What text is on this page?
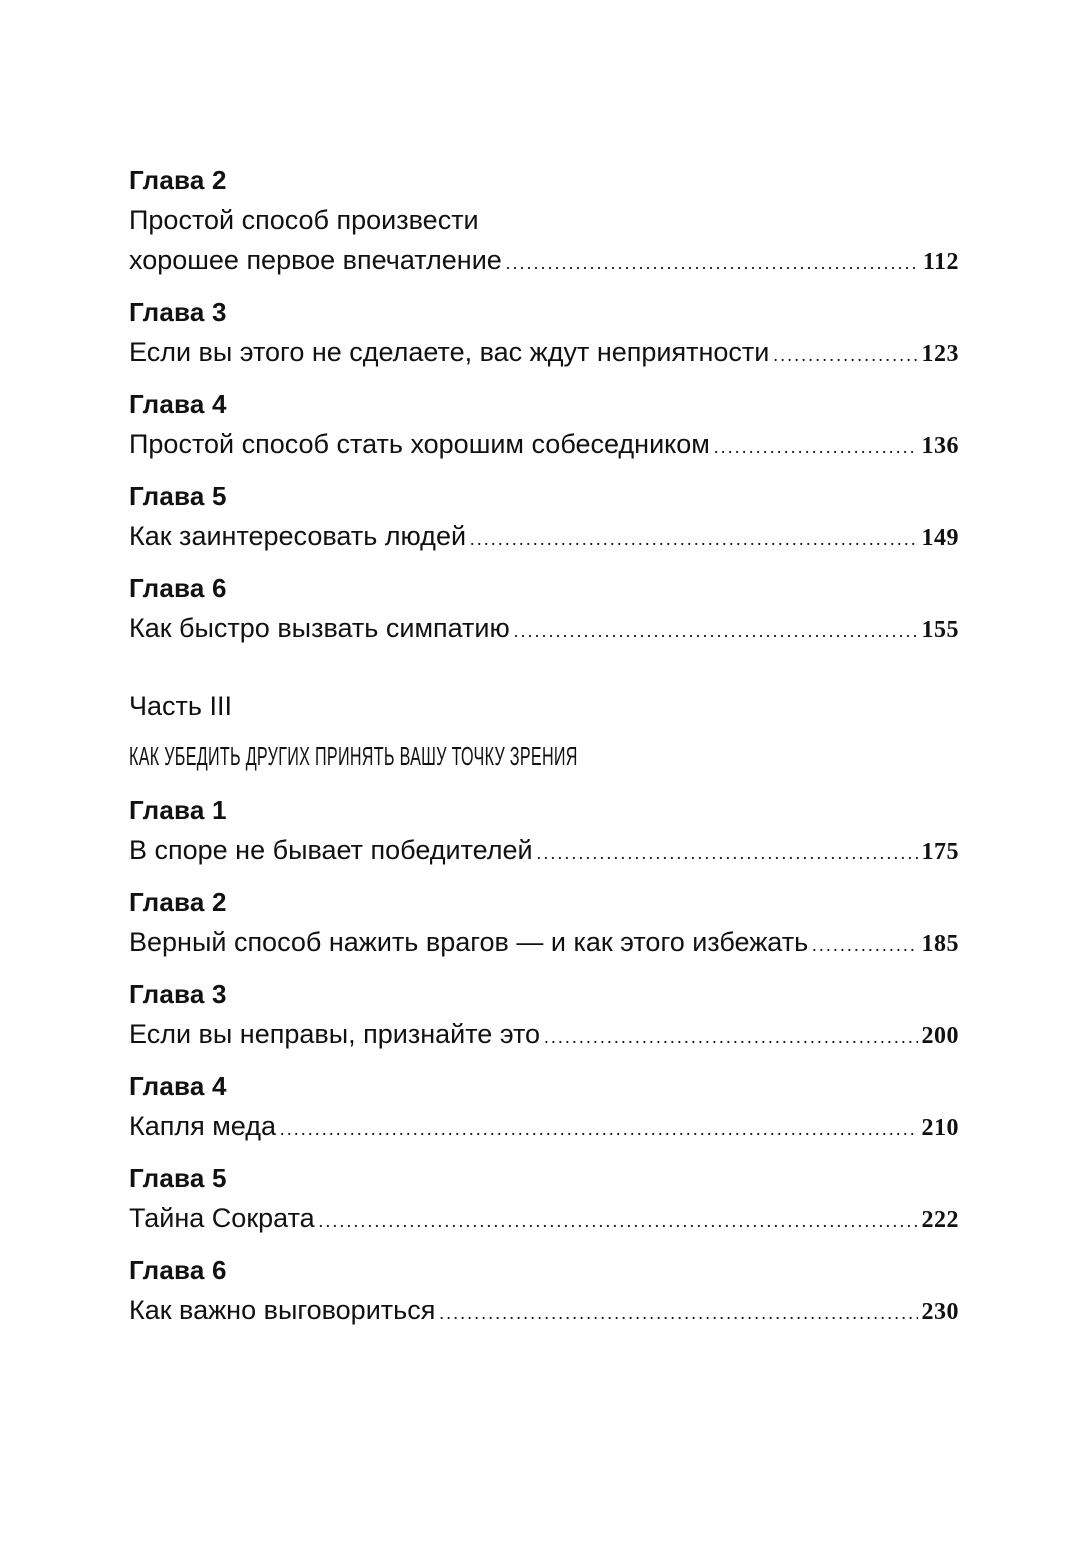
Глава 2
Простой способ произвести
хорошее первое впечатление .....	112
Глава 3
Если вы этого не сделаете, вас ждут неприятности .....	123
Глава 4
Простой способ стать хорошим собеседником .....	136
Глава 5
Как заинтересовать людей .....	149
Глава 6
Как быстро вызвать симпатию .....	155
Часть III
КАК УБЕДИТЬ ДРУГИХ ПРИНЯТЬ ВАШУ ТОЧКУ ЗРЕНИЯ
Глава 1
В споре не бывает победителей .....	175
Глава 2
Верный способ нажить врагов — и как этого избежать .....	185
Глава 3
Если вы неправы, признайте это .....	200
Глава 4
Капля меда .....	210
Глава 5
Тайна Сократа .....	222
Глава 6
Как важно выговориться .....	230
